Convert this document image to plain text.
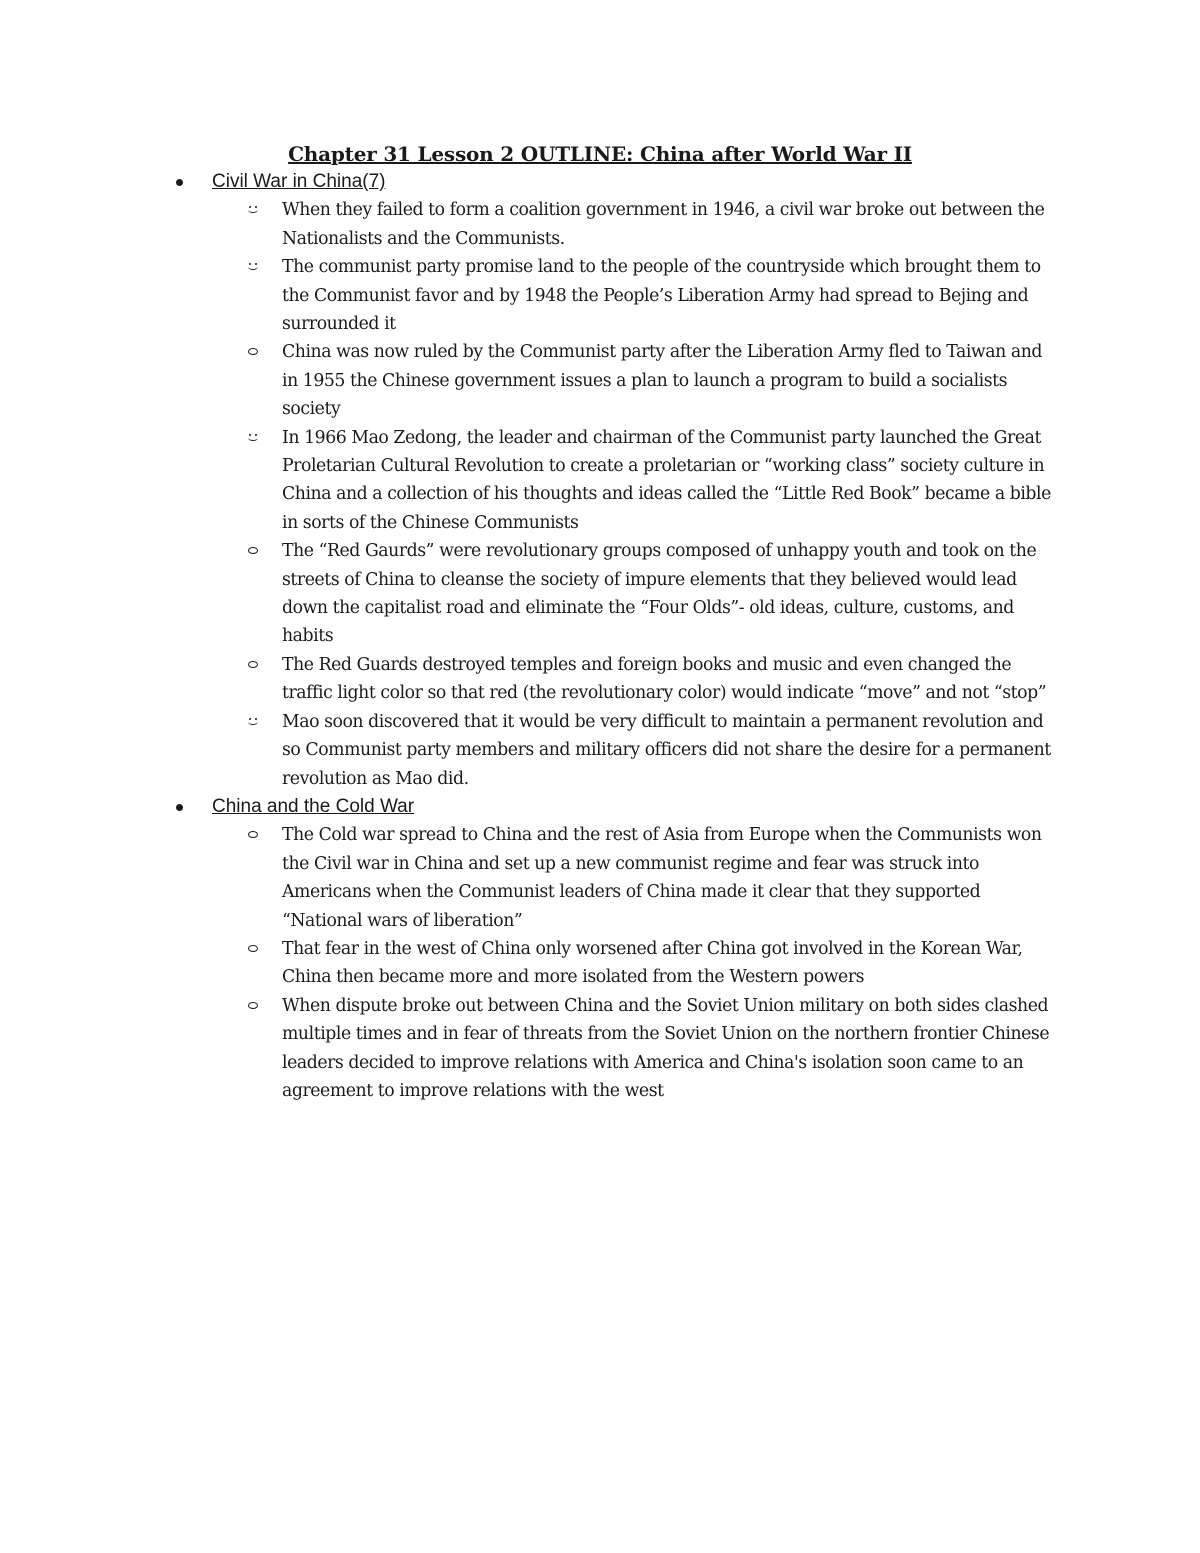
Chapter 31 Lesson 2 OUTLINE: China after World War II
Civil War in China(7)
When they failed to form a coalition government in 1946, a civil war broke out between the Nationalists and the Communists.
The communist party promise land to the people of the countryside which brought them to the Communist favor and by 1948 the People’s Liberation Army had spread to Bejing and surrounded it
China was now ruled by the Communist party after the Liberation Army fled to Taiwan and in 1955 the Chinese government issues a plan to launch a program to build a socialists society
In 1966 Mao Zedong, the leader and chairman of the Communist party launched the Great Proletarian Cultural Revolution to create a proletarian or “working class” society culture in China and a collection of his thoughts and ideas called the “Little Red Book” became a bible in sorts of the Chinese Communists
The “Red Gaurds” were revolutionary groups composed of unhappy youth and took on the streets of China to cleanse the society of impure elements that they believed would lead down the capitalist road and eliminate the “Four Olds”- old ideas, culture, customs, and habits
The Red Guards destroyed temples and foreign books and music and even changed the traffic light color so that red (the revolutionary color) would indicate “move” and not “stop”
Mao soon discovered that it would be very difficult to maintain a permanent revolution and so Communist party members and military officers did not share the desire for a permanent revolution as Mao did.
China and the Cold War
The Cold war spread to China and the rest of Asia from Europe when the Communists won the Civil war in China and set up a new communist regime and fear was struck into Americans when the Communist leaders of China made it clear that they supported “National wars of liberation”
That fear in the west of China only worsened after China got involved in the Korean War, China then became more and more isolated from the Western powers
When dispute broke out between China and the Soviet Union military on both sides clashed multiple times and in fear of threats from the Soviet Union on the northern frontier Chinese leaders decided to improve relations with America and China's isolation soon came to an agreement to improve relations with the west
